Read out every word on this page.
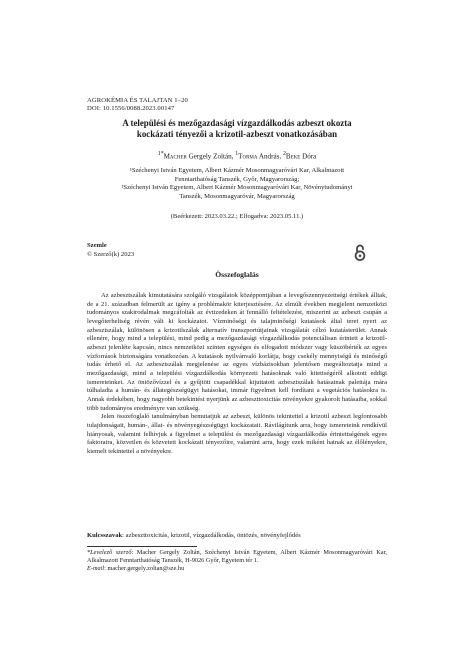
AGROKÉMIA ÉS TALAJTAN 1–20
DOI: 10.1556/0088.2023.00147
A települési és mezőgazdasági vízgazdálkodás azbeszt okozta
kockázati tényezői a krizotil-azbeszt vonatkozásában
$^{1*}$Macher Gergely Zoltán, $^1$Torma András, $^2$Beke Dóra

¹Széchenyi István Egyetem, Albert Kázmér Mosonmagyaróvári Kar, Alkalmazott

Fenntarthatóság Tanszék, Győr, Magyarország;

²Széchenyi István Egyetem, Albert Kázmér Mosonmagyaróvári Kar, Növénytudományi

Tanszék, Mosonmagyaróvár, Magyarország

(Beérkezett: 2023.03.22.; Elfogadva: 2023.05.11.)
Szemle
© Szerző(k) 2023
Összefoglalás

Az azbesztszálak kimutatására szolgáló vizsgálatok középpontjában a levegőszennyezettségi értékek álltak, de a 21. században felmerült az igény a problémakör kiterjesztésére. Az elmúlt években megjelent nemzetközi tudományos szakirodalmak megcáfolták az évtizedeken át fennálló feltételezést, miszerint az azbeszt csupán a levegőterheltség révén vált ki kockázatot. Vízminőségi és talajminőségi kutatások által teret nyert az azbesztszálak, különösen a krizotilszálak alternatív transzportútjainak vizsgálatát célzó kutatásterület. Annak ellenére, hogy mind a települési, mind pedig a mezőgazdasági vízgazdálkodás potenciálisan érintett a krizotil-azbeszt jelenléte kapcsán, nincs nemzetközi szinten egységes és elfogadott módszer vagy küszöbérték az egyes vízforrások biztonságára vonatkozóan. A kutatások nyilvánvaló korlátja, hogy csekély mennyiségű és minőségű tudás érhető el. Az azbesztszálak megjelenése az egyes vízbázisokban jelentősen megváltoztatja mind a mezőgazdasági, mind a települési vízgazdálkodás környezeti hatásoknak való kitettségéről alkotott eddigi ismereteinket. Az öntözővízzel és a gyűjtött csapadékkal kijuttatott azbesztszálak hatásainak palettája mára túlhaladta a humán- és állategészségügyi hatásokat, immár figyelmet kell fordítani a vegetációs hatásokra is. Annak érdekében, hogy nagyobb betekintést nyerjünk az azbeszttoxicitás növényekre gyakorolt hatásaiba, sokkal több tudományos eredményre van szükség.

Jelen összefoglaló tanulmányban bemutatjuk az azbeszt, különös tekintettel a krizotil azbeszt legfontosabb tulajdonságait, humán-, állat- és növényegészségügyi kockázatait. Rávilágítunk arra, hogy ismereteink rendkívül hiányosak, valamint felhívjuk a figyelmet a települési és mezőgazdasági vízgazdálkodás érintettségének egyes faktoraira, közvetlen és közvetett kockázati tényezőire, valamint arra, hogy ezek miként hatnak az élőlényekre, kiemelt tekintettel a növényekre.

Kulcsszavak: azbeszttoxicitás, krizotil, vízgazdálkodás, öntözés, növényfejlődés

*Levelező szerző: Macher Gergely Zoltán, Széchenyi István Egyetem, Albert Kázmér Mosonmagyaróvári Kar, Alkalmazott Fenntarthatóság Tanszék, H-9026 Győr, Egyetem tér 1.

E-mail: macher.gergely.zoltan@sze.hu
